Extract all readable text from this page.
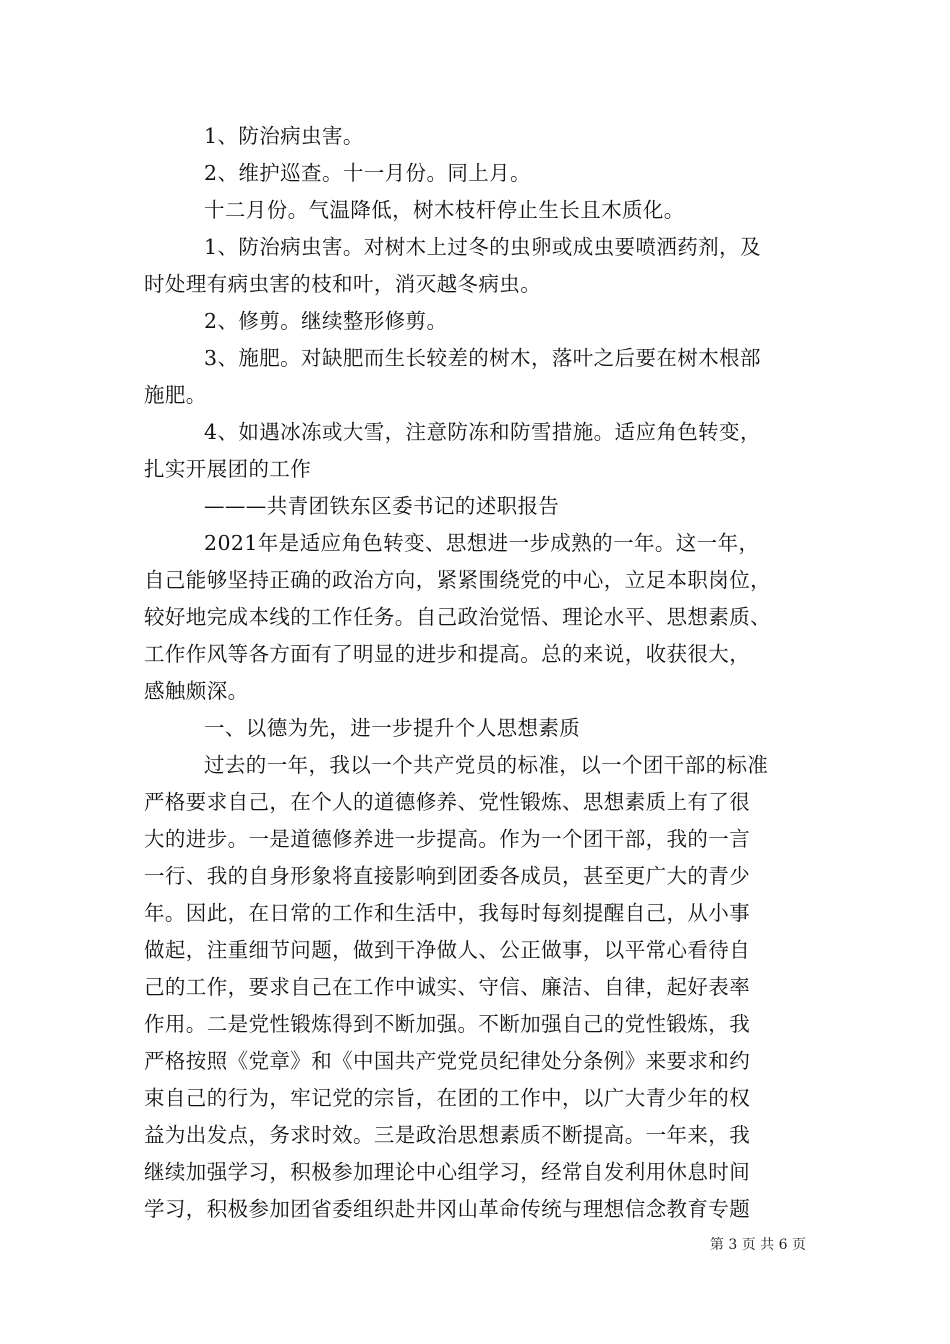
1、防治病虫害。
2、维护巡查。十一月份。同上月。
十二月份。气温降低，树木枝杆停止生长且木质化。
1、防治病虫害。对树木上过冬的虫卵或成虫要喷洒药剂，及
时处理有病虫害的枝和叶，消灭越冬病虫。
2、修剪。继续整形修剪。
3、施肥。对缺肥而生长较差的树木，落叶之后要在树木根部
施肥。
4、如遇冰冻或大雪，注意防冻和防雪措施。适应角色转变，
扎实开展团的工作
———共青团铁东区委书记的述职报告
2021年是适应角色转变、思想进一步成熟的一年。这一年，
自己能够坚持正确的政治方向，紧紧围绕党的中心，立足本职岗位，
较好地完成本线的工作任务。自己政治觉悟、理论水平、思想素质、
工作作风等各方面有了明显的进步和提高。总的来说，收获很大，
感触颇深。
一、以德为先，进一步提升个人思想素质
过去的一年，我以一个共产党员的标准，以一个团干部的标准
严格要求自己，在个人的道德修养、党性锻炼、思想素质上有了很
大的进步。一是道德修养进一步提高。作为一个团干部，我的一言
一行、我的自身形象将直接影响到团委各成员，甚至更广大的青少
年。因此，在日常的工作和生活中，我每时每刻提醒自己，从小事
做起，注重细节问题，做到干净做人、公正做事，以平常心看待自
己的工作，要求自己在工作中诚实、守信、廉洁、自律，起好表率
作用。二是党性锻炼得到不断加强。不断加强自己的党性锻炼，我
严格按照《党章》和《中国共产党党员纪律处分条例》来要求和约
束自己的行为，牢记党的宗旨，在团的工作中，以广大青少年的权
益为出发点，务求时效。三是政治思想素质不断提高。一年来，我
继续加强学习，积极参加理论中心组学习，经常自发利用休息时间
学习，积极参加团省委组织赴井冈山革命传统与理想信念教育专题
第 3 页 共 6 页
